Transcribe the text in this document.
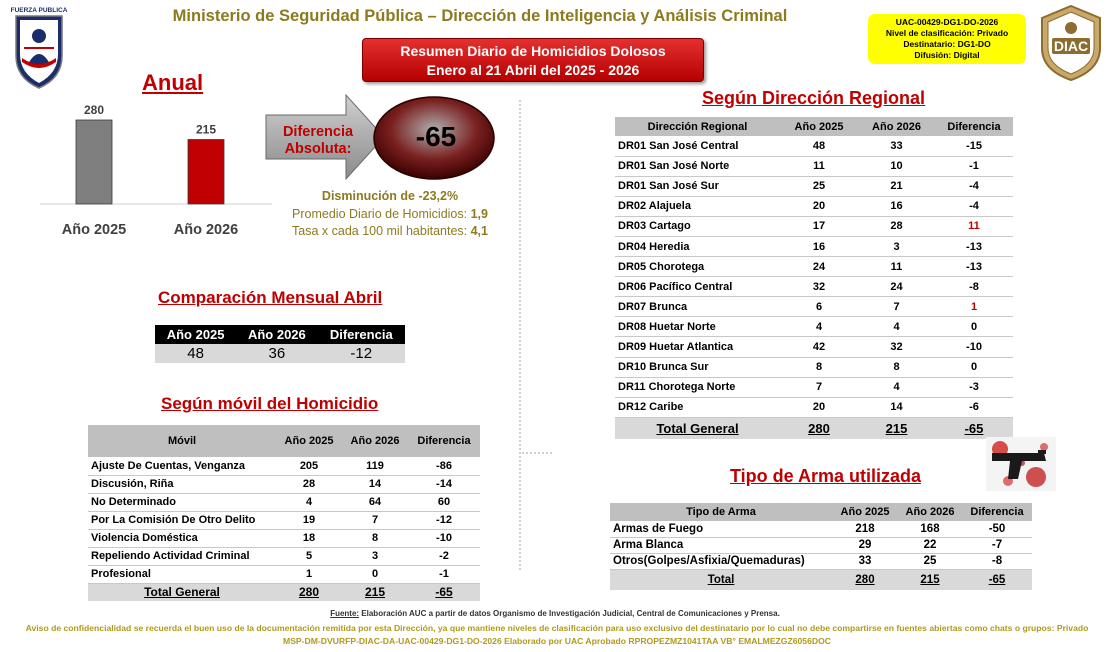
FUERZA PUBLICA	Ministerio de Seguridad Pública – Dirección de Inteligencia y Análisis Criminal	UAC-00429-DG1-DO-2026
Nivel de clasificación: Privado
Destinatario: DG1-DO
Difusión: Digital
DIAC
Resumen Diario de Homicidios Dolosos
Enero al 21 Abril del 2025 - 2026
Anual
280
Año 2025
215
Año 2026
Diferencia
Absoluta:	-65
Disminución de -23,2%
Promedio Diario de Homicidios: 1,9
Tasa x cada 100 mil habitantes: 4,1
Comparación Mensual Abril
Año 2025	Año 2026	Diferencia
48	36	-12
Según móvil del Homicidio
Móvil	Año 2025	Año 2026	Diferencia
Ajuste De Cuentas, Venganza	205	119	-86
Discusión, Riña	28	14	-14
No Determinado	4	64	60
Por La Comisión De Otro Delito	19	7	-12
Violencia Doméstica	18	8	-10
Repeliendo Actividad Criminal	5	3	-2
Profesional	1	0	-1
Total General	280	215	-65
Según Dirección Regional
Dirección Regional	Año 2025	Año 2026	Diferencia
DR01 San José Central	48	33	-15
DR01 San José Norte	11	10	-1
DR01 San José Sur	25	21	-4
DR02 Alajuela	20	16	-4
DR03 Cartago	17	28	11
DR04 Heredia	16	3	-13
DR05 Chorotega	24	11	-13
DR06 Pacífico Central	32	24	-8
DR07 Brunca	6	7	1
DR08 Huetar Norte	4	4	0
DR09 Huetar Atlantica	42	32	-10
DR10 Brunca Sur	8	8	0
DR11 Chorotega Norte	7	4	-3
DR12 Caribe	20	14	-6
Total General	280	215	-65
Tipo de Arma utilizada
Tipo de Arma	Año 2025	Año 2026	Diferencia
Armas de Fuego	218	168	-50
Arma Blanca	29	22	-7
Otros(Golpes/Asfixia/Quemaduras)	33	25	-8
Total	280	215	-65
Fuente: Elaboración AUC a partir de datos Organismo de Investigación Judicial, Central de Comunicaciones y Prensa.
Aviso de confidencialidad se recuerda el buen uso de la documentación remitida por esta Dirección, ya que mantiene niveles de clasificación para uso exclusivo del destinatario por lo cual no debe compartirse en fuentes abiertas como chats o grupos: Privado MSP-DM-DVURFP-DIAC-DA-UAC-00429-DG1-DO-2026 Elaborado por UAC Aprobado RPROPEZMZ1041TAA VB° EMALMEZGZ6056DOC
